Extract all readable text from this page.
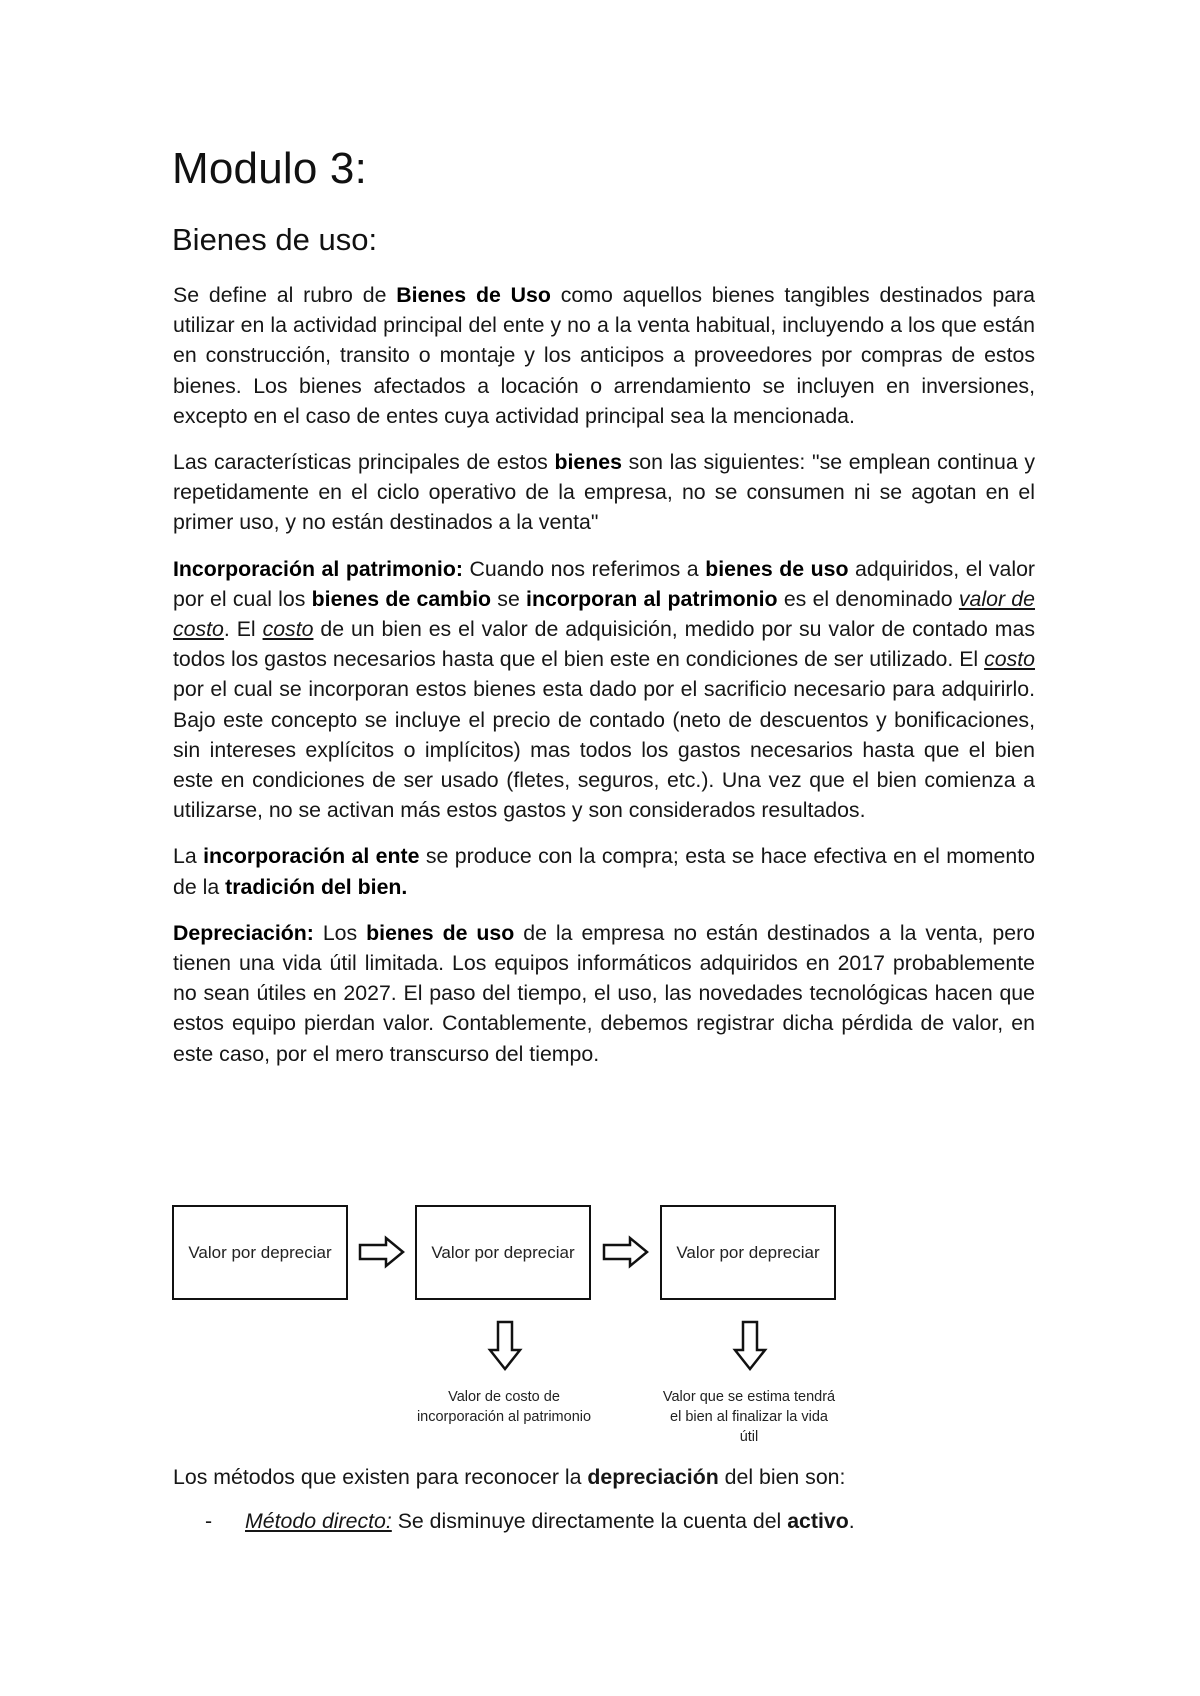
Modulo 3:
Bienes de uso:

Se define al rubro de Bienes de Uso como aquellos bienes tangibles destinados para utilizar en la actividad principal del ente y no a la venta habitual, incluyendo a los que están en construcción, transito o montaje y los anticipos a proveedores por compras de estos bienes. Los bienes afectados a locación o arrendamiento se incluyen en inversiones, excepto en el caso de entes cuya actividad principal sea la mencionada.

Las características principales de estos bienes son las siguientes: "se emplean continua y repetidamente en el ciclo operativo de la empresa, no se consumen ni se agotan en el primer uso, y no están destinados a la venta"

Incorporación al patrimonio: Cuando nos referimos a bienes de uso adquiridos, el valor por el cual los bienes de cambio se incorporan al patrimonio es el denominado valor de costo. El costo de un bien es el valor de adquisición, medido por su valor de contado mas todos los gastos necesarios hasta que el bien este en condiciones de ser utilizado. El costo por el cual se incorporan estos bienes esta dado por el sacrificio necesario para adquirirlo. Bajo este concepto se incluye el precio de contado (neto de descuentos y bonificaciones, sin intereses explícitos o implícitos) mas todos los gastos necesarios hasta que el bien este en condiciones de ser usado (fletes, seguros, etc.). Una vez que el bien comienza a utilizarse, no se activan más estos gastos y son considerados resultados.

La incorporación al ente se produce con la compra; esta se hace efectiva en el momento de la tradición del bien.

Depreciación: Los bienes de uso de la empresa no están destinados a la venta, pero tienen una vida útil limitada. Los equipos informáticos adquiridos en 2017 probablemente no sean útiles en 2027. El paso del tiempo, el uso, las novedades tecnológicas hacen que estos equipo pierdan valor. Contablemente, debemos registrar dicha pérdida de valor, en este caso, por el mero transcurso del tiempo.

Valor por depreciar	Valor por depreciar	Valor por depreciar
Valor de costo de incorporación al patrimonio
Valor que se estima tendrá el bien al finalizar la vida útil

Los métodos que existen para reconocer la depreciación del bien son:

-	Método directo: Se disminuye directamente la cuenta del activo.
